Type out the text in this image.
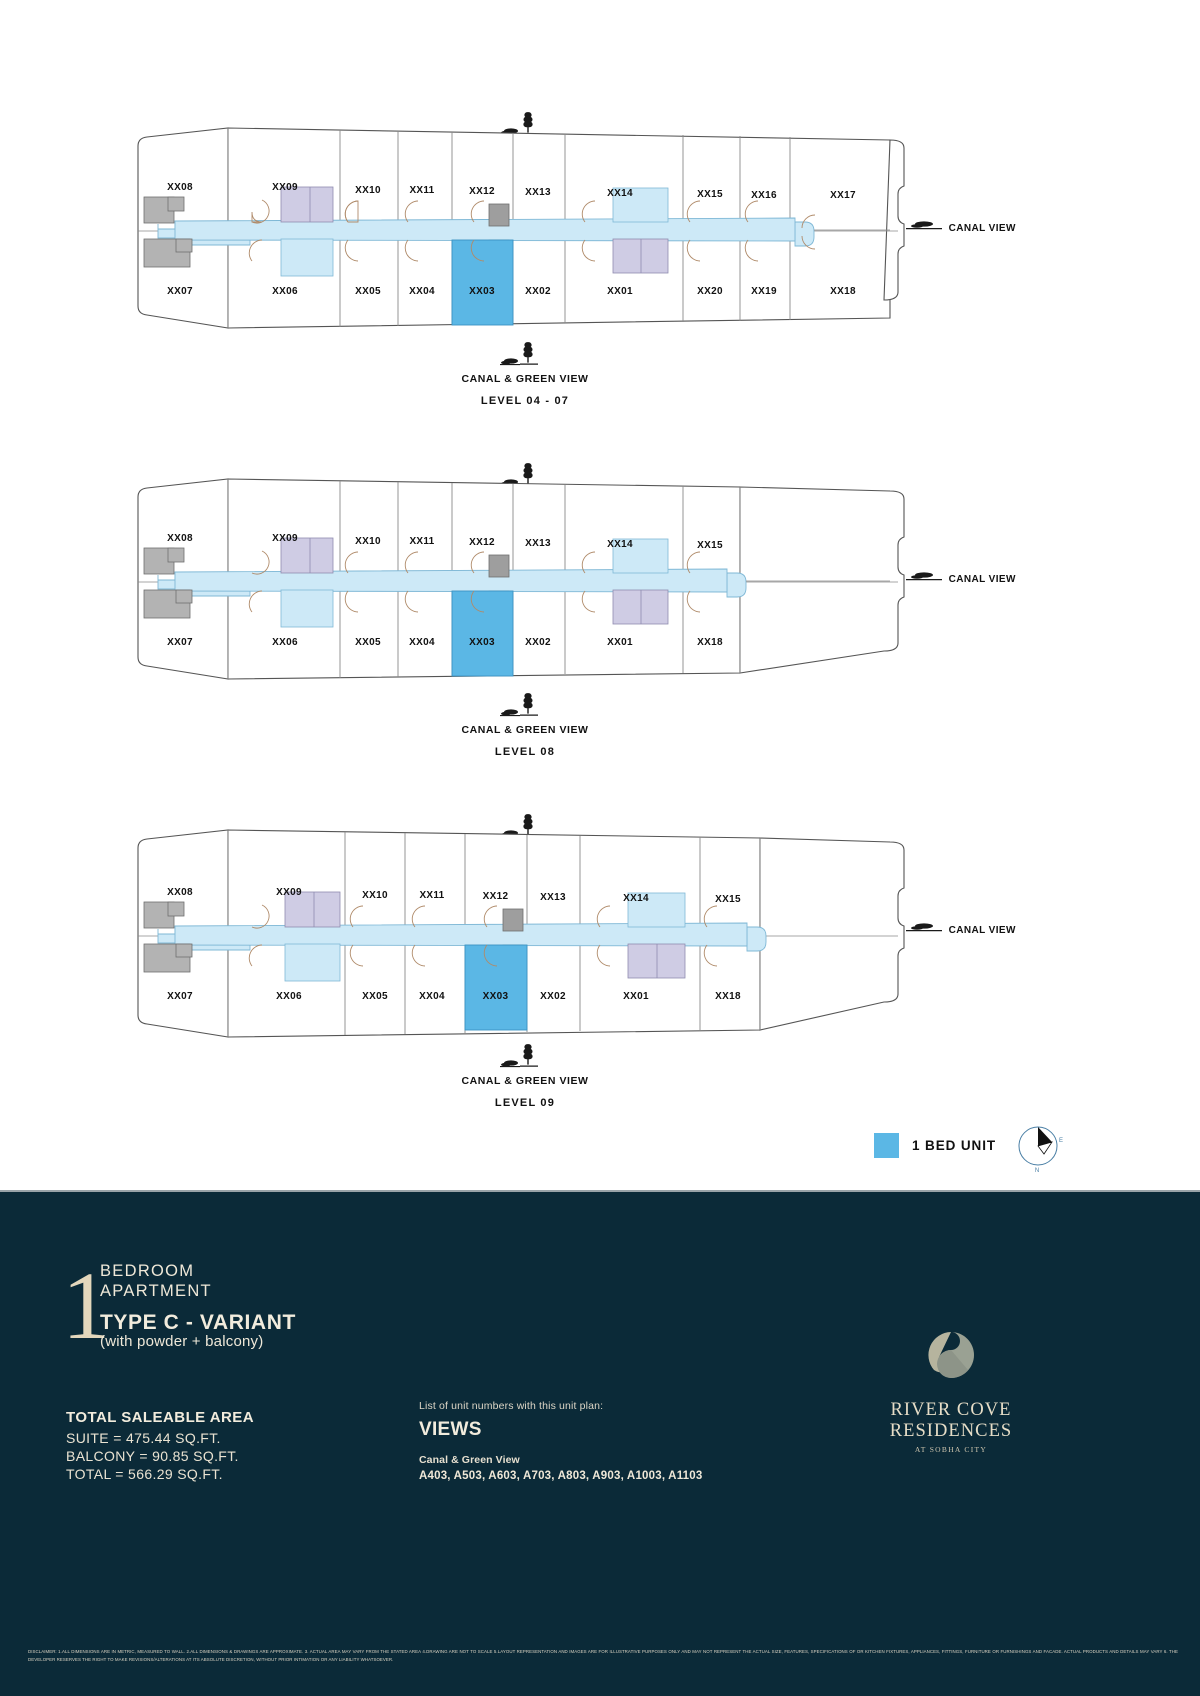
CANAL VIEW
CANAL & GREEN VIEW
LEVEL 04 - 07
XX08	XX09	XX10	XX11	XX12	XX13	XX14	XX15	XX16	XX17
XX07	XX06	XX05	XX04	XX03	XX02	XX01	XX20	XX19	XX18
CANAL VIEW
CANAL & GREEN VIEW
LEVEL 08
XX08	XX09	XX10	XX11	XX12	XX13	XX14	XX15
XX07	XX06	XX05	XX04	XX03	XX02	XX01	XX18
CANAL VIEW
CANAL & GREEN VIEW
LEVEL 09
XX08	XX09	XX10	XX11	XX12	XX13	XX14	XX15
XX07	XX06	XX05	XX04	XX03	XX02	XX01	XX18
1 BED UNIT
N
E
1
BEDROOM
APARTMENT
TYPE C - VARIANT
(with powder + balcony)
TOTAL SALEABLE AREA
SUITE = 475.44 SQ.FT.
BALCONY = 90.85 SQ.FT.
TOTAL = 566.29 SQ.FT.
List of unit numbers with this unit plan:
VIEWS
Canal & Green View
A403, A503, A603, A703, A803, A903, A1003, A1103
RIVER COVE RESIDENCES
AT SOBHA CITY
DISCLAIMER: 1.ALL DIMENSIONS ARE IN METRIC, MEASURED TO WALL. 2.ALL DIMENSIONS & DRAWINGS ARE APPROXIMATE. 3. ACTUAL AREA MAY VARY FROM THE STATED AREA 4.DRAWING ARE NOT TO SCALE 5.LAYOUT REPRESENTATION AND IMAGES ARE FOR ILLUSTRATIVE PURPOSES ONLY AND MAY NOT REPRESENT THE ACTUAL SIZE, FEATURES, SPECIFICATIONS OF OR KITCHEN FIXTURES, APPLIANCES, FITTINGS, FURNITURE OR FURNISHINGS AND FACADE. ACTUAL PRODUCTS AND DETAILS MAY VARY 6. THE DEVELOPER RESERVES THE RIGHT TO MAKE REVISIONS/ALTERATIONS AT ITS ABSOLUTE DISCRETION, WITHOUT PRIOR INTIMATION OR ANY LIABILITY WHATSOEVER.
